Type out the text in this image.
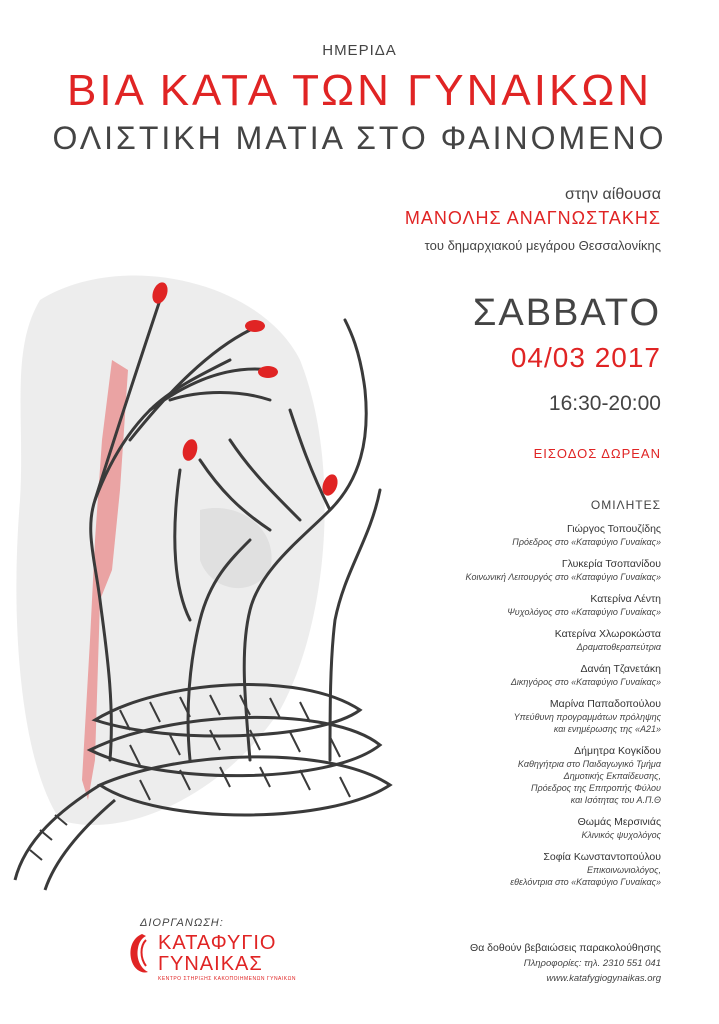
ΗΜΕΡΙΔΑ
ΒΙΑ ΚΑΤΑ ΤΩΝ ΓΥΝΑΙΚΩΝ
ΟΛΙΣΤΙΚΗ ΜΑΤΙΑ ΣΤΟ ΦΑΙΝΟΜΕΝΟ
στην αίθουσα
ΜΑΝΟΛΗΣ ΑΝΑΓΝΩΣΤΑΚΗΣ
του δημαρχιακού μεγάρου Θεσσαλονίκης
ΣΑΒΒΑΤΟ
04/03 2017
16:30-20:00
ΕΙΣΟΔΟΣ ΔΩΡΕΑΝ
ΟΜΙΛΗΤΕΣ
Γιώργος Τοπουζίδης
Πρόεδρος στο «Καταφύγιο Γυναίκας»
Γλυκερία Τσοπανίδου
Κοινωνική Λειτουργός στο «Καταφύγιο Γυναίκας»
Κατερίνα Λέντη
Ψυχολόγος στο «Καταφύγιο Γυναίκας»
Κατερίνα Χλωροκώστα
Δραματοθεραπεύτρια
Δανάη Τζανετάκη
Δικηγόρος στο «Καταφύγιο Γυναίκας»
Μαρίνα Παπαδοπούλου
Υπεύθυνη προγραμμάτων πρόληψης
και ενημέρωσης της «Α21»
Δήμητρα Κογκίδου
Καθηγήτρια στο Παιδαγωγικό Τμήμα
Δημοτικής Εκπαίδευσης,
Πρόεδρος της Επιτροπής Φύλου
και Ισότητας του Α.Π.Θ
Θωμάς Μερσινιάς
Κλινικός ψυχολόγος
Σοφία Κωνσταντοπούλου
Επικοινωνιολόγος,
εθελόντρια στο «Καταφύγιο Γυναίκας»
Θα δοθούν βεβαιώσεις παρακολούθησης
Πληροφορίες: τηλ. 2310 551 041
www.katafygiogynaikas.org
ΔΙΟΡΓΑΝΩΣΗ:
ΚΑΤΑΦΥΓΙΟ
ΓΥΝΑΙΚΑΣ
ΚΕΝΤΡΟ ΣΤΗΡΙΞΗΣ ΚΑΚΟΠΟΙΗΜΕΝΩΝ ΓΥΝΑΙΚΩΝ
